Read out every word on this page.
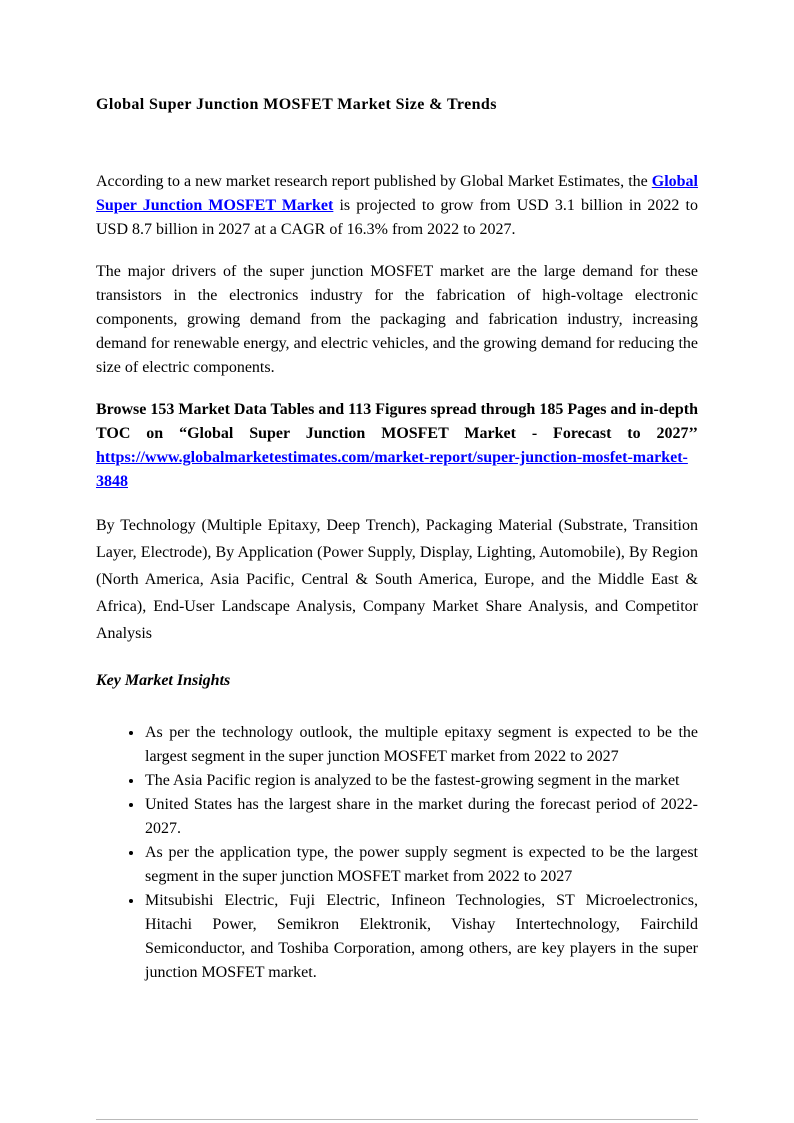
Global Super Junction MOSFET Market Size & Trends

According to a new market research report published by Global Market Estimates, the Global Super Junction MOSFET Market is projected to grow from USD 3.1 billion in 2022 to USD 8.7 billion in 2027 at a CAGR of 16.3% from 2022 to 2027.

The major drivers of the super junction MOSFET market are the large demand for these transistors in the electronics industry for the fabrication of high-voltage electronic components, growing demand from the packaging and fabrication industry, increasing demand for renewable energy, and electric vehicles, and the growing demand for reducing the size of electric components.

Browse 153 Market Data Tables and 113 Figures spread through 185 Pages and in-depth TOC on “Global Super Junction MOSFET Market - Forecast to 2027’’ https://www.globalmarketestimates.com/market-report/super-junction-mosfet-market-3848

By Technology (Multiple Epitaxy, Deep Trench), Packaging Material (Substrate, Transition Layer, Electrode), By Application (Power Supply, Display, Lighting, Automobile), By Region (North America, Asia Pacific, Central & South America, Europe, and the Middle East & Africa), End-User Landscape Analysis, Company Market Share Analysis, and Competitor Analysis

Key Market Insights
• As per the technology outlook, the multiple epitaxy segment is expected to be the largest segment in the super junction MOSFET market from 2022 to 2027
• The Asia Pacific region is analyzed to be the fastest-growing segment in the market
• United States has the largest share in the market during the forecast period of 2022-2027.
• As per the application type, the power supply segment is expected to be the largest segment in the super junction MOSFET market from 2022 to 2027
• Mitsubishi Electric, Fuji Electric, Infineon Technologies, ST Microelectronics, Hitachi Power, Semikron Elektronik, Vishay Intertechnology, Fairchild Semiconductor, and Toshiba Corporation, among others, are key players in the super junction MOSFET market.
